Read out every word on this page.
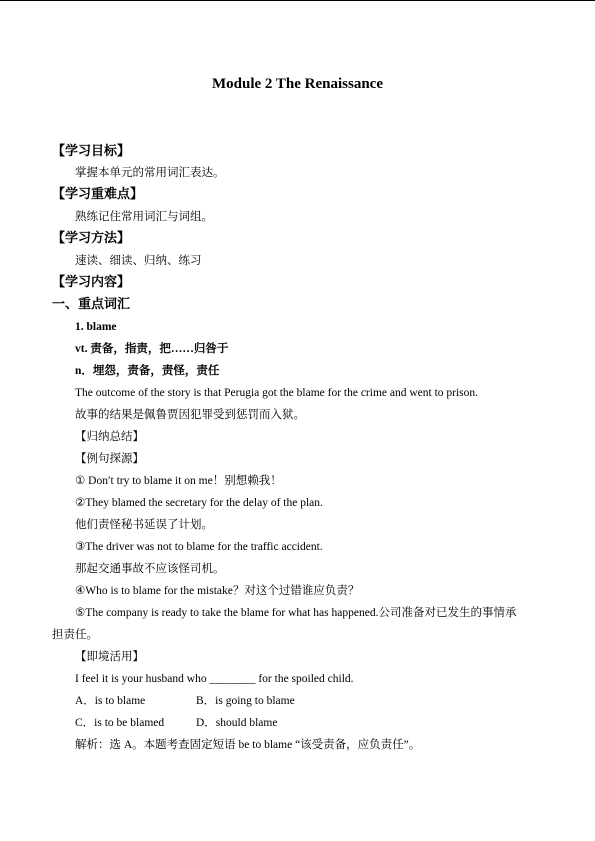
Module 2 The Renaissance
【学习目标】
掌握本单元的常用词汇表达。
【学习重难点】
熟练记住常用词汇与词组。
【学习方法】
速读、细读、归纳、练习
【学习内容】
一、重点词汇
1. blame
vt. 责备，指责，把……归咎于
n．埋怨，责备，责怪，责任
The outcome of the story is that Perugia got the blame for the crime and went to prison.
故事的结果是佩鲁贾因犯罪受到惩罚而入狱。
【归纳总结】
【例句探源】
① Don′t try to blame it on me！别想赖我！
②They blamed the secretary for the delay of the plan.
他们责怪秘书延误了计划。
③The driver was not to blame for the traffic accident.
那起交通事故不应该怪司机。
④Who is to blame for the mistake？对这个过错谁应负责？
⑤The company is ready to take the blame for what has happened.公司准备对已发生的事情承
担责任。
【即境活用】
I feel it is your husband who ________ for the spoiled child.
A．is to blame	B．is going to blame
C．is to be blamed	D．should blame
解析：选 A。本题考查固定短语 be to blame “该受责备，应负责任”。
